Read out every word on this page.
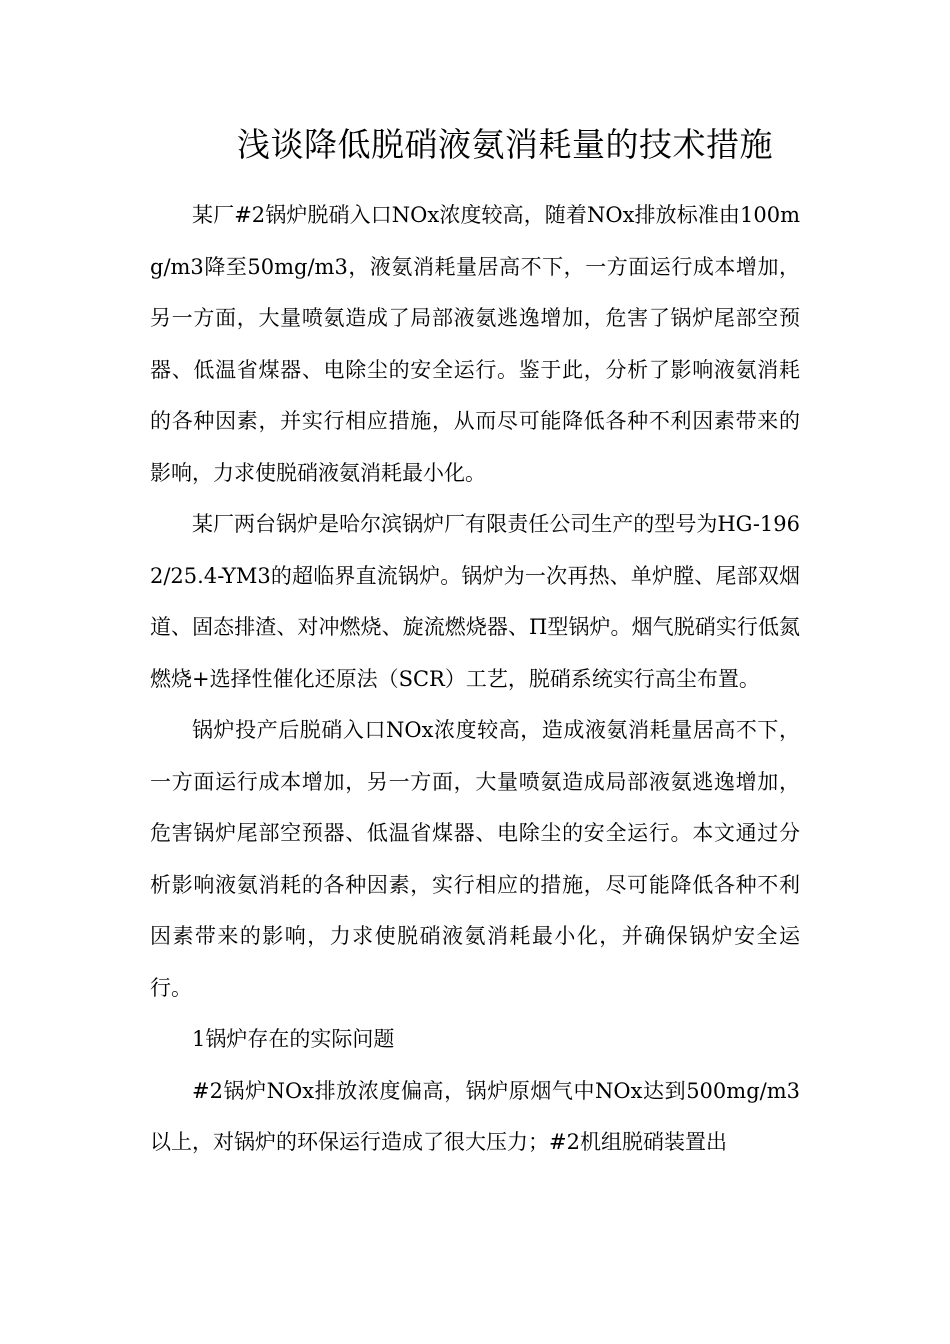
浅谈降低脱硝液氨消耗量的技术措施

某厂#2锅炉脱硝入口NOx浓度较高，随着NOx排放标准由100mg/m3降至50mg/m3，液氨消耗量居高不下，一方面运行成本增加，另一方面，大量喷氨造成了局部液氨逃逸增加，危害了锅炉尾部空预器、低温省煤器、电除尘的安全运行。鉴于此，分析了影响液氨消耗的各种因素，并实行相应措施，从而尽可能降低各种不利因素带来的影响，力求使脱硝液氨消耗最小化。

某厂两台锅炉是哈尔滨锅炉厂有限责任公司生产的型号为HG-1962/25.4-YM3的超临界直流锅炉。锅炉为一次再热、单炉膛、尾部双烟道、固态排渣、对冲燃烧、旋流燃烧器、Π型锅炉。烟气脱硝实行低氮燃烧+选择性催化还原法（SCR）工艺，脱硝系统实行高尘布置。

锅炉投产后脱硝入口NOx浓度较高，造成液氨消耗量居高不下，一方面运行成本增加，另一方面，大量喷氨造成局部液氨逃逸增加，危害锅炉尾部空预器、低温省煤器、电除尘的安全运行。本文通过分析影响液氨消耗的各种因素，实行相应的措施，尽可能降低各种不利因素带来的影响，力求使脱硝液氨消耗最小化，并确保锅炉安全运行。

1锅炉存在的实际问题

#2锅炉NOx排放浓度偏高，锅炉原烟气中NOx达到500mg/m3以上，对锅炉的环保运行造成了很大压力；#2机组脱硝装置出
